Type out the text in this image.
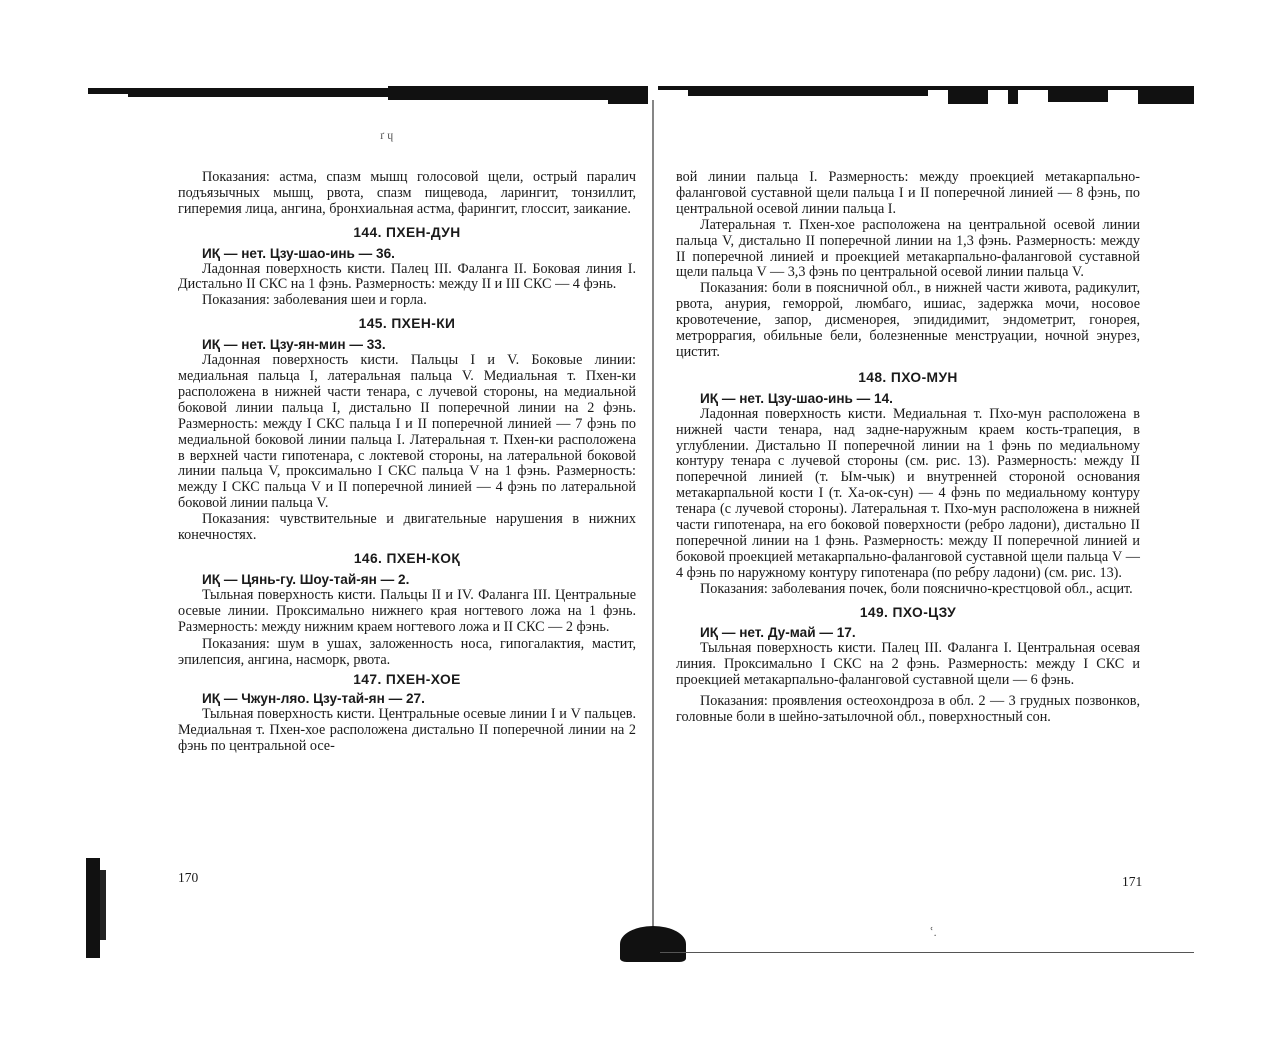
ґ ɥ
ՙ.

Показания: астма, спазм мышц голосовой щели, острый паралич подъязычных мышц, рвота, спазм пищевода, ларингит, тонзиллит, гиперемия лица, ангина, бронхиальная астма, фарингит, глоссит, заикание.

144. ПХЕН-ДУН

ИҚ — нет. Цзу-шао-инь — 36.

Ладонная поверхность кисти. Палец III. Фаланга II. Боковая линия I. Дистально II СКС на 1 фэнь. Размерность: между II и III СКС — 4 фэнь.

Показания: заболевания шеи и горла.

145. ПХЕН-КИ

ИҚ — нет. Цзу-ян-мин — 33.

Ладонная поверхность кисти. Пальцы I и V. Боковые линии: медиальная пальца I, латеральная пальца V. Медиальная т. Пхен-ки расположена в нижней части тенара, с лучевой стороны, на медиальной боковой линии пальца I, дистально II поперечной линии на 2 фэнь. Размерность: между I СКС пальца I и II поперечной линией — 7 фэнь по медиальной боковой линии пальца I. Латеральная т. Пхен-ки расположена в верхней части гипотенара, с локтевой стороны, на латеральной боковой линии пальца V, проксимально I СКС пальца V на 1 фэнь. Размерность: между I СКС пальца V и II поперечной линией — 4 фэнь по латеральной боковой линии пальца V.

Показания: чувствительные и двигательные нарушения в нижних конечностях.

146. ПХЕН-КОҚ

ИҚ — Цянь-гу. Шоу-тай-ян — 2.

Тыльная поверхность кисти. Пальцы II и IV. Фаланга III. Центральные осевые линии. Проксимально нижнего края ногтевого ложа на 1 фэнь. Размерность: между нижним краем ногтевого ложа и II СКС — 2 фэнь.

Показания: шум в ушах, заложенность носа, гипогалактия, мастит, эпилепсия, ангина, насморк, рвота.

147. ПХЕН-ХОЕ

ИҚ — Чжун-ляо. Цзу-тай-ян — 27.

Тыльная поверхность кисти. Центральные осевые линии I и V пальцев. Медиальная т. Пхен-хое расположена дистально II поперечной линии на 2 фэнь по центральной осе-

170

вой линии пальца I. Размерность: между проекцией метакарпально-фаланговой суставной щели пальца I и II поперечной линией — 8 фэнь, по центральной осевой линии пальца I.

Латеральная т. Пхен-хое расположена на центральной осевой линии пальца V, дистально II поперечной линии на 1,3 фэнь. Размерность: между II поперечной линией и проекцией метакарпально-фаланговой суставной щели пальца V — 3,3 фэнь по центральной осевой линии пальца V.

Показания: боли в поясничной обл., в нижней части живота, радикулит, рвота, анурия, геморрой, люмбаго, ишиас, задержка мочи, носовое кровотечение, запор, дисменорея, эпидидимит, эндометрит, гонорея, метроррагия, обильные бели, болезненные менструации, ночной энурез, цистит.

148. ПХО-МУН

ИҚ — нет. Цзу-шао-инь — 14.

Ладонная поверхность кисти. Медиальная т. Пхо-мун расположена в нижней части тенара, над задне-наружным краем кость-трапеция, в углублении. Дистально II поперечной линии на 1 фэнь по медиальному контуру тенара с лучевой стороны (см. рис. 13). Размерность: между II поперечной линией (т. Ым-чык) и внутренней стороной основания метакарпальной кости I (т. Ха-ок-сун) — 4 фэнь по медиальному контуру тенара (с лучевой стороны). Латеральная т. Пхо-мун расположена в нижней части гипотенара, на его боковой поверхности (ребро ладони), дистально II поперечной линии на 1 фэнь. Размерность: между II поперечной линией и боковой проекцией метакарпально-фаланговой суставной щели пальца V — 4 фэнь по наружному контуру гипотенара (по ребру ладони) (см. рис. 13).

Показания: заболевания почек, боли пояснично-крестцовой обл., асцит.

149. ПХО-ЦЗУ

ИҚ — нет. Ду-май — 17.

Тыльная поверхность кисти. Палец III. Фаланга I. Центральная осевая линия. Проксимально I СКС на 2 фэнь. Размерность: между I СКС и проекцией метакарпально-фаланговой суставной щели — 6 фэнь.

Показания: проявления остеохондроза в обл. 2 — 3 грудных позвонков, головные боли в шейно-затылочной обл., поверхностный сон.

171
